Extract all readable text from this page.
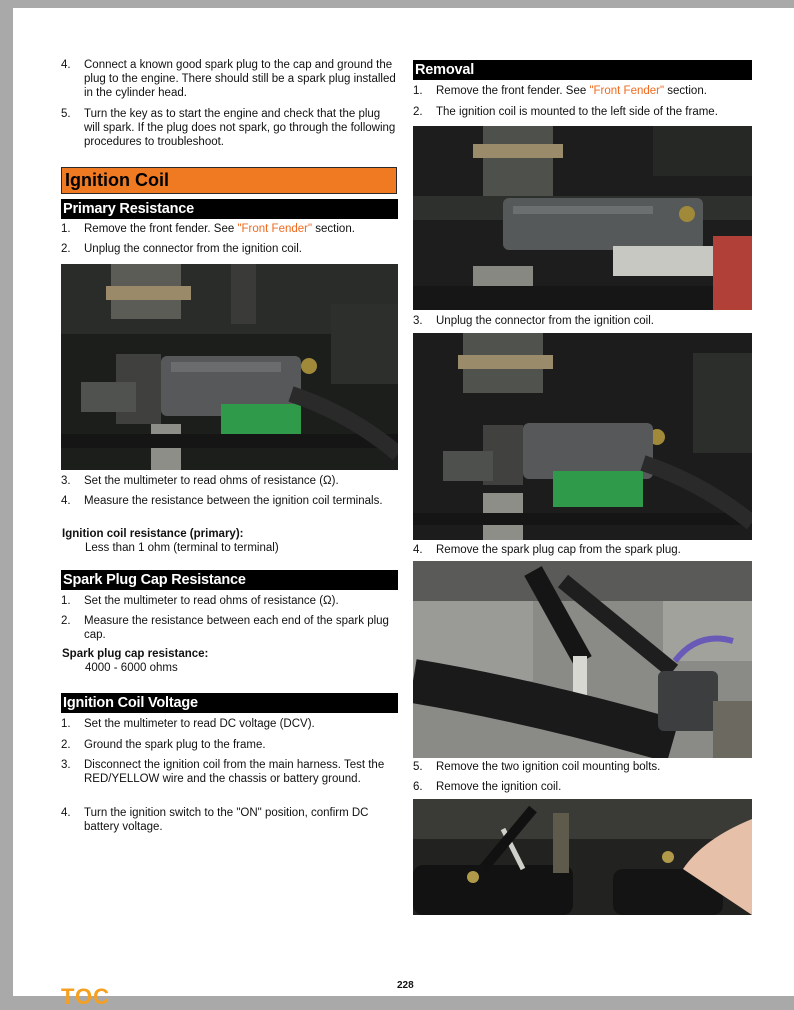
4.	Connect a known good spark plug to the cap and ground the plug to the engine. There should still be a spark plug installed in the cylinder head.
5.	Turn the key as to start the engine and check that the plug will spark. If the plug does not spark, go through the following procedures to troubleshoot.
Ignition Coil
Primary Resistance
1.	Remove the front fender. See "Front Fender" section.
2.	Unplug the connector from the ignition coil.
3.	Set the multimeter to read ohms of resistance (Ω).
4.	Measure the resistance between the ignition coil terminals.
Ignition coil resistance (primary):
Less than 1 ohm (terminal to terminal)
Spark Plug Cap Resistance
1.	Set the multimeter to read ohms of resistance (Ω).
2.	Measure the resistance between each end of the spark plug cap.
Spark plug cap resistance:
4000 - 6000 ohms
Ignition Coil Voltage
1.	Set the multimeter to read DC voltage (DCV).
2.	Ground the spark plug to the frame.
3.	Disconnect the ignition coil from the main harness. Test the RED/YELLOW wire and the chassis or battery ground.
4.	Turn the ignition switch to the "ON" position, confirm DC battery voltage.
Removal
1.	Remove the front fender. See "Front Fender" section.
2.	The ignition coil is mounted to the left side of the frame.
3.	Unplug the connector from the ignition coil.
4.	Remove the spark plug cap from the spark plug.
5.	Remove the two ignition coil mounting bolts.
6.	Remove the ignition coil.
228
TOC
